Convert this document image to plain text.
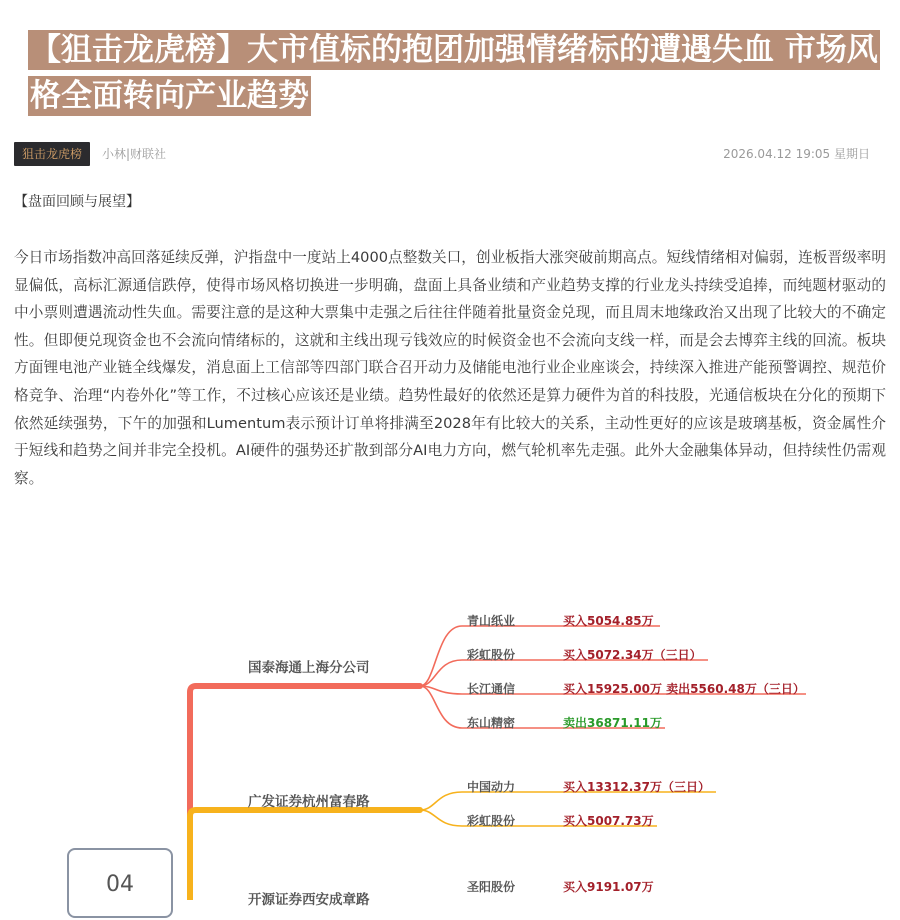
【狙击龙虎榜】大市值标的抱团加强情绪标的遭遇失血 市场风格全面转向产业趋势
狙击龙虎榜	小林|财联社	2026.04.12 19:05 星期日
【盘面回顾与展望】

今日市场指数冲高回落延续反弹，沪指盘中一度站上4000点整数关口，创业板指大涨突破前期高点。短线情绪相对偏弱，连板晋级率明显偏低，高标汇源通信跌停，使得市场风格切换进一步明确，盘面上具备业绩和产业趋势支撑的行业龙头持续受追捧，而纯题材驱动的中小票则遭遇流动性失血。需要注意的是这种大票集中走强之后往往伴随着批量资金兑现，而且周末地缘政治又出现了比较大的不确定性。但即便兑现资金也不会流向情绪标的，这就和主线出现亏钱效应的时候资金也不会流向支线一样，而是会去博弈主线的回流。板块方面锂电池产业链全线爆发，消息面上工信部等四部门联合召开动力及储能电池行业企业座谈会，持续深入推进产能预警调控、规范价格竞争、治理“内卷外化”等工作，不过核心应该还是业绩。趋势性最好的依然还是算力硬件为首的科技股，光通信板块在分化的预期下依然延续强势，下午的加强和Lumentum表示预计订单将排满至2028年有比较大的关系，主动性更好的应该是玻璃基板，资金属性介于短线和趋势之间并非完全投机。AI硬件的强势还扩散到部分AI电力方向，燃气轮机率先走强。此外大金融集体异动，但持续性仍需观察。

国泰海通上海分公司
青山纸业	买入5054.85万
彩虹股份	买入5072.34万（三日）
长江通信	买入15925.00万 卖出5560.48万（三日）
东山精密	卖出36871.11万
广发证券杭州富春路
中国动力	买入13312.37万（三日）
彩虹股份	买入5007.73万
开源证券西安成章路
圣阳股份	买入9191.07万
04
